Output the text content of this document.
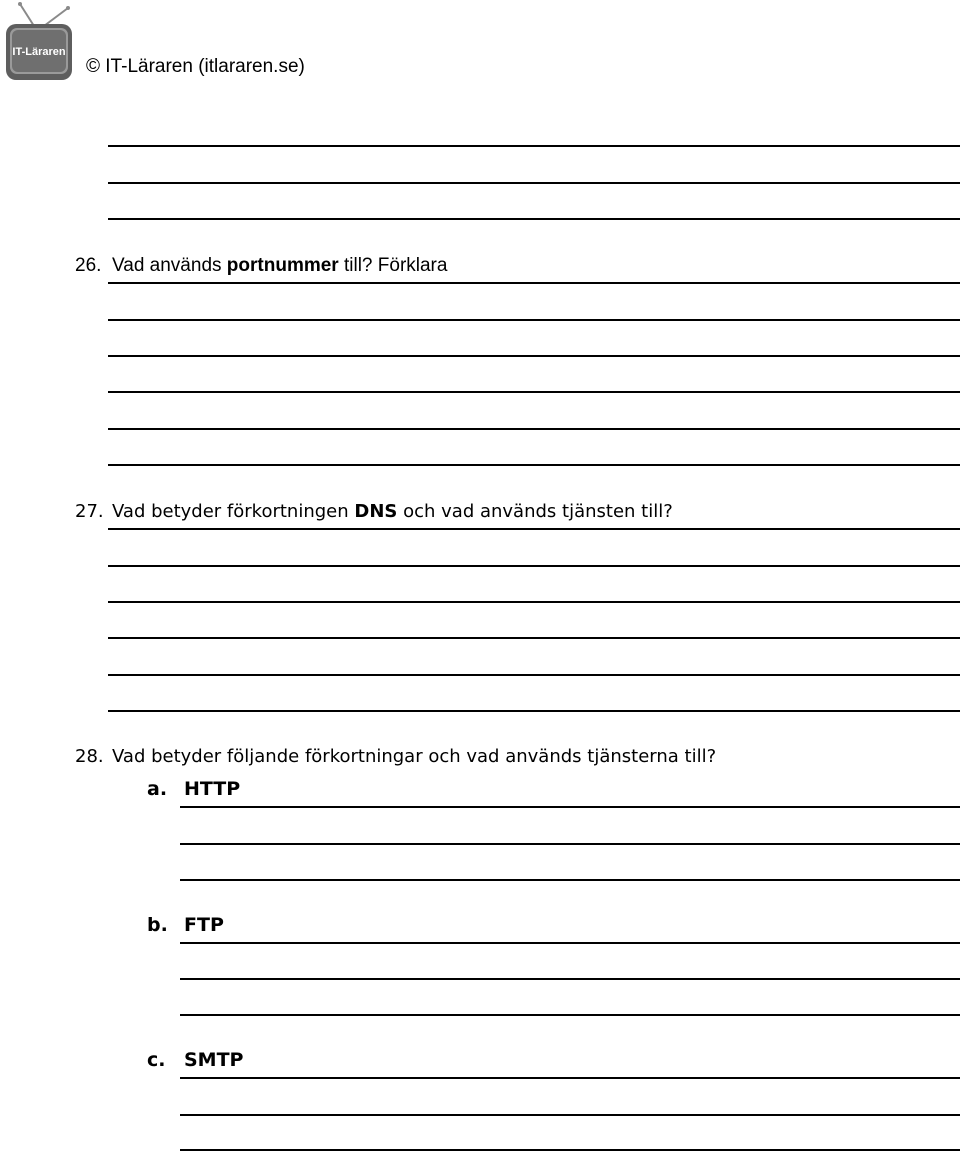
IT-Läraren
© IT-Läraren (itlararen.se)
26. Vad används portnummer till? Förklara
27. Vad betyder förkortningen DNS och vad används tjänsten till?
28. Vad betyder följande förkortningar och vad används tjänsterna till?
a. HTTP
b. FTP
c. SMTP
